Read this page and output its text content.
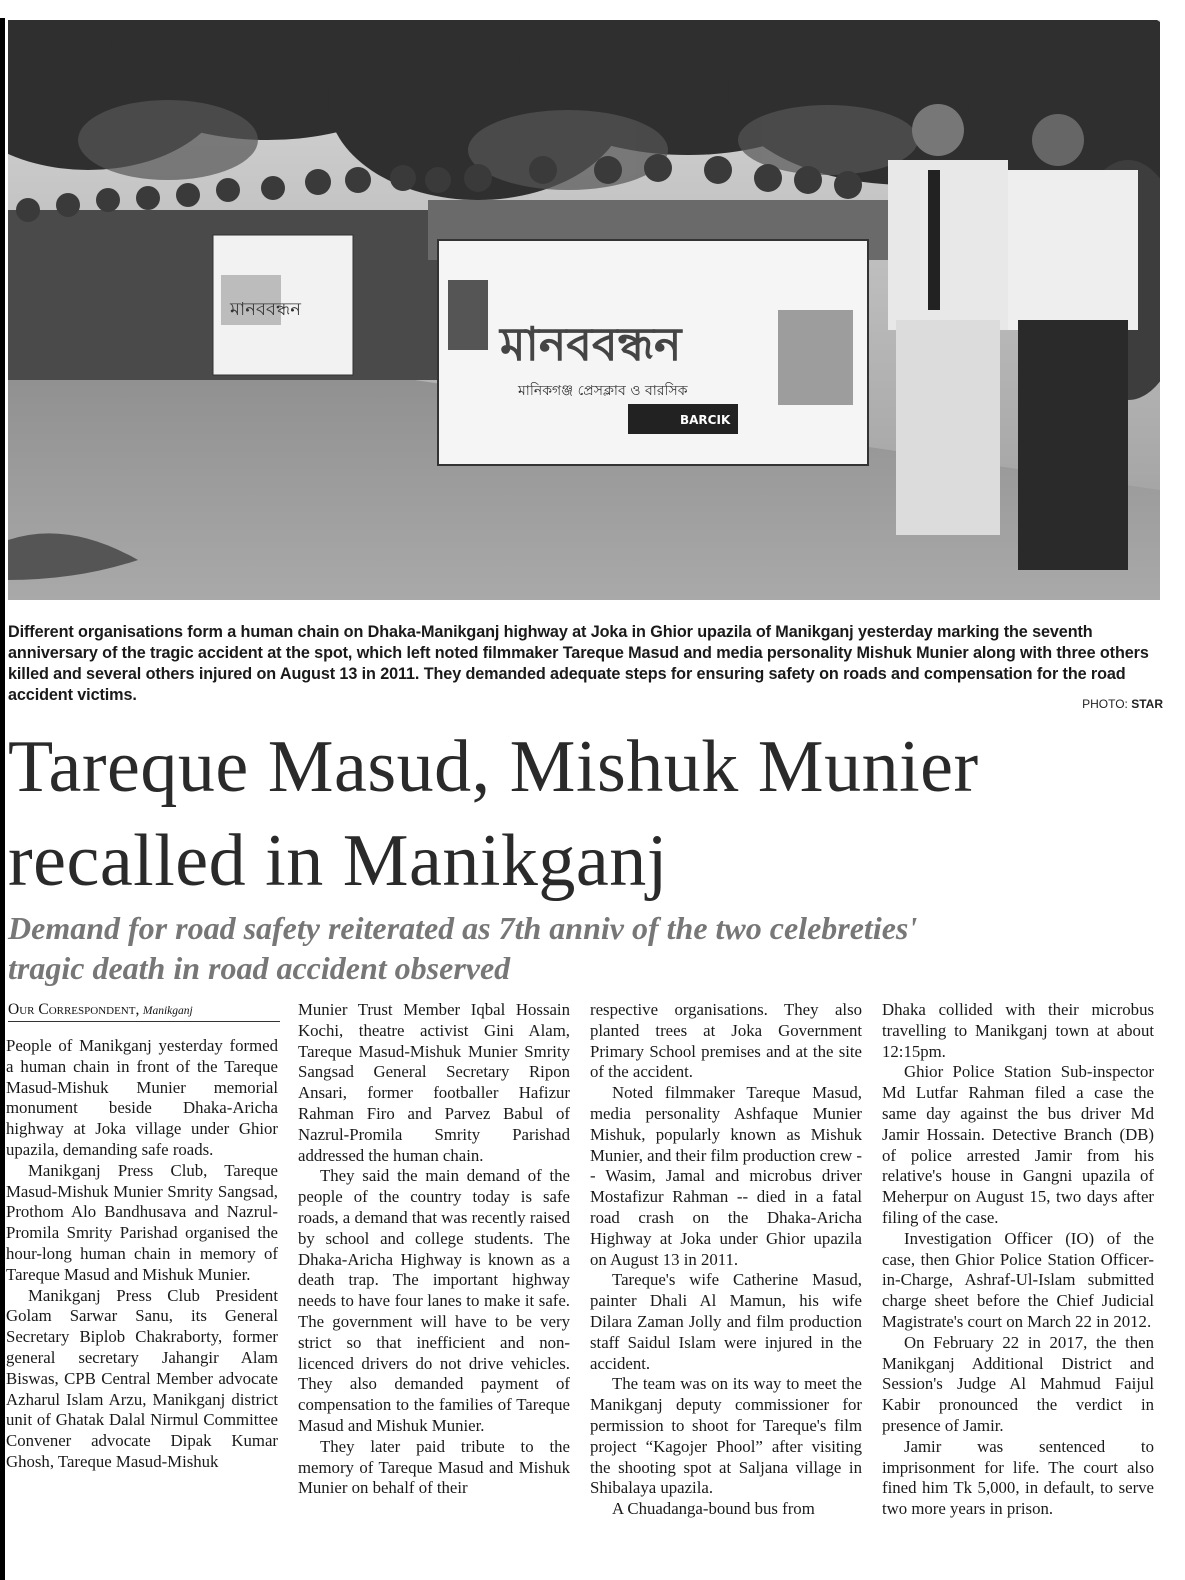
মানববন্ধন
মানববন্ধন
মানিকগঞ্জ প্রেসক্লাব ও বারসিক
BARCIK
Different organisations form a human chain on Dhaka-Manikganj highway at Joka in Ghior upazila of Manikganj yesterday marking the seventh anniversary of the tragic accident at the spot, which left noted filmmaker Tareque Masud and media personality Mishuk Munier along with three others killed and several others injured on August 13 in 2011. They demanded adequate steps for ensuring safety on roads and compensation for the road accident victims.	PHOTO: STAR
Tareque Masud, Mishuk Munier
recalled in Manikganj
Demand for road safety reiterated as 7th anniv of the two celebreties'
tragic death in road accident observed
Our Correspondent, Manikganj

People of Manikganj yesterday formed a human chain in front of the Tareque Masud-Mishuk Munier memorial monument beside Dhaka-Aricha highway at Joka village under Ghior upazila, demanding safe roads.

Manikganj Press Club, Tareque Masud-Mishuk Munier Smrity Sangsad, Prothom Alo Bandhusava and Nazrul-Promila Smrity Parishad organised the hour-long human chain in memory of Tareque Masud and Mishuk Munier.

Manikganj Press Club President Golam Sarwar Sanu, its General Secretary Biplob Chakraborty, former general secretary Jahangir Alam Biswas, CPB Central Member advocate Azharul Islam Arzu, Manikganj district unit of Ghatak Dalal Nirmul Committee Convener advocate Dipak Kumar Ghosh, Tareque Masud-Mishuk

Munier Trust Member Iqbal Hossain Kochi, theatre activist Gini Alam, Tareque Masud-Mishuk Munier Smrity Sangsad General Secretary Ripon Ansari, former footballer Hafizur Rahman Firo and Parvez Babul of Nazrul-Promila Smrity Parishad addressed the human chain.

They said the main demand of the people of the country today is safe roads, a demand that was recently raised by school and college students. The Dhaka-Aricha Highway is known as a death trap. The important highway needs to have four lanes to make it safe. The government will have to be very strict so that inefficient and non-licenced drivers do not drive vehicles. They also demanded payment of compensation to the families of Tareque Masud and Mishuk Munier.

They later paid tribute to the memory of Tareque Masud and Mishuk Munier on behalf of their

respective organisations. They also planted trees at Joka Government Primary School premises and at the site of the accident.

Noted filmmaker Tareque Masud, media personality Ashfaque Munier Mishuk, popularly known as Mishuk Munier, and their film production crew -- Wasim, Jamal and microbus driver Mostafizur Rahman -- died in a fatal road crash on the Dhaka-Aricha Highway at Joka under Ghior upazila on August 13 in 2011.

Tareque's wife Catherine Masud, painter Dhali Al Mamun, his wife Dilara Zaman Jolly and film production staff Saidul Islam were injured in the accident.

The team was on its way to meet the Manikganj deputy commissioner for permission to shoot for Tareque's film project “Kagojer Phool” after visiting the shooting spot at Saljana village in Shibalaya upazila.

A Chuadanga-bound bus from

Dhaka collided with their microbus travelling to Manikganj town at about 12:15pm.

Ghior Police Station Sub-inspector Md Lutfar Rahman filed a case the same day against the bus driver Md Jamir Hossain. Detective Branch (DB) of police arrested Jamir from his relative's house in Gangni upazila of Meherpur on August 15, two days after filing of the case.

Investigation Officer (IO) of the case, then Ghior Police Station Officer-in-Charge, Ashraf-Ul-Islam submitted charge sheet before the Chief Judicial Magistrate's court on March 22 in 2012.

On February 22 in 2017, the then Manikganj Additional District and Session's Judge Al Mahmud Faijul Kabir pronounced the verdict in presence of Jamir.

Jamir was sentenced to imprisonment for life. The court also fined him Tk 5,000, in default, to serve two more years in prison.
